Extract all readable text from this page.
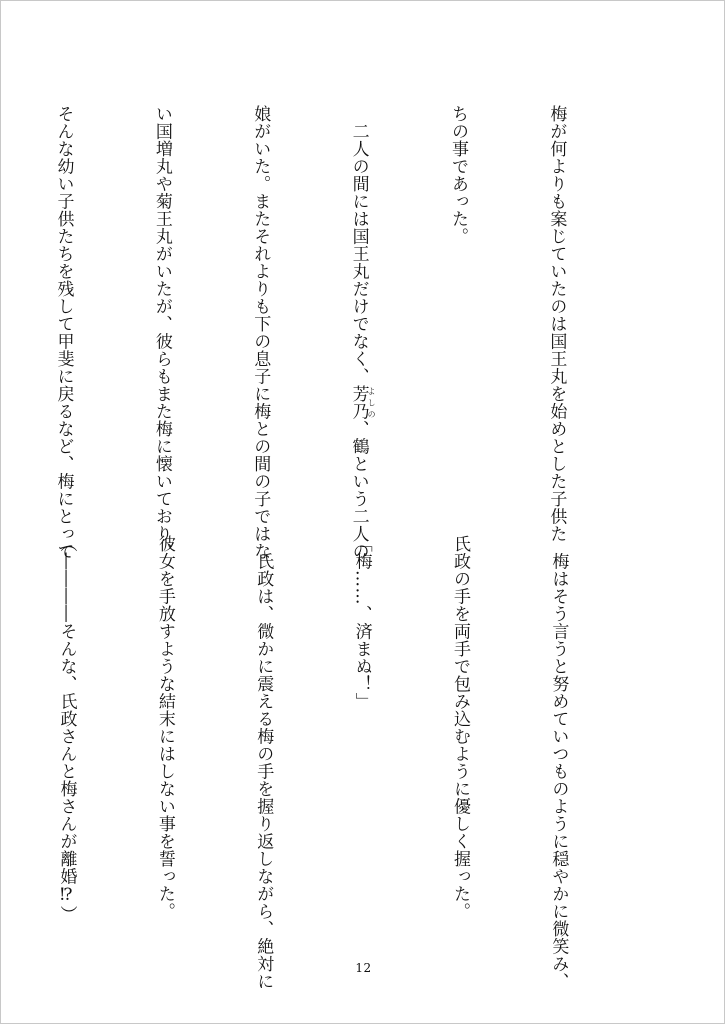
梅が何よりも案じていたのは国王丸を始めとした子供た

ちの事であった。

　二人の間には国王丸だけでなく、芳乃よしの、鶴という二人の

娘がいた。またそれよりも下の息子に梅との間の子ではな

い国増丸や菊王丸がいたが、彼らもまた梅に懐いており、

そんな幼い子供たちを残して甲斐に戻るなど、梅にとって

　梅はそう言うと努めていつものように穏やかに微笑み、

氏政の手を両手で包み込むように優しく握った。

「梅……、済まぬ！」

　氏政は、微かに震える梅の手を握り返しながら、絶対に

彼女を手放すような結末にはしない事を誓った。

（――――そんな、氏政さんと梅さんが離婚⁉）

12
